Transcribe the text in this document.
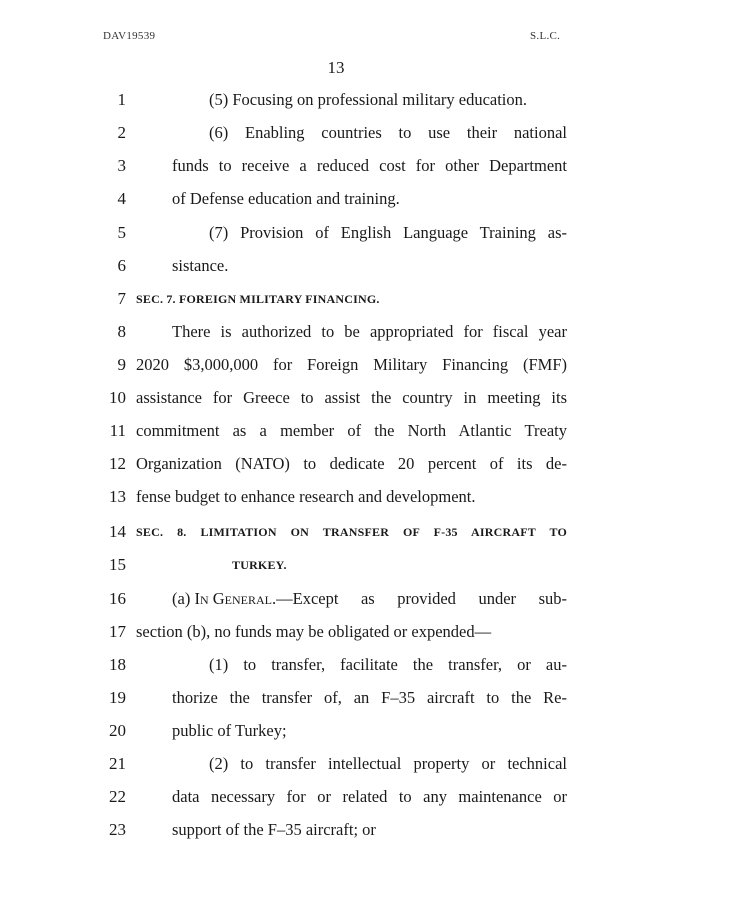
DAV19539	S.L.C.
13
1	(5) Focusing on professional military education.
2	(6) Enabling countries to use their national
3	funds to receive a reduced cost for other Department
4	of Defense education and training.
5	(7) Provision of English Language Training as-
6	sistance.
7 SEC. 7. FOREIGN MILITARY FINANCING.
8	There is authorized to be appropriated for fiscal year
9 2020 $3,000,000 for Foreign Military Financing (FMF)
10 assistance for Greece to assist the country in meeting its
11 commitment as a member of the North Atlantic Treaty
12 Organization (NATO) to dedicate 20 percent of its de-
13 fense budget to enhance research and development.
14 SEC. 8. LIMITATION ON TRANSFER OF F-35 AIRCRAFT TO
15	TURKEY.
16	(a) In General .—Except as provided under sub-
17 section (b), no funds may be obligated or expended—
18	(1) to transfer, facilitate the transfer, or au-
19	thorize the transfer of, an F–35 aircraft to the Re-
20	public of Turkey;
21	(2) to transfer intellectual property or technical
22	data necessary for or related to any maintenance or
23	support of the F–35 aircraft; or
